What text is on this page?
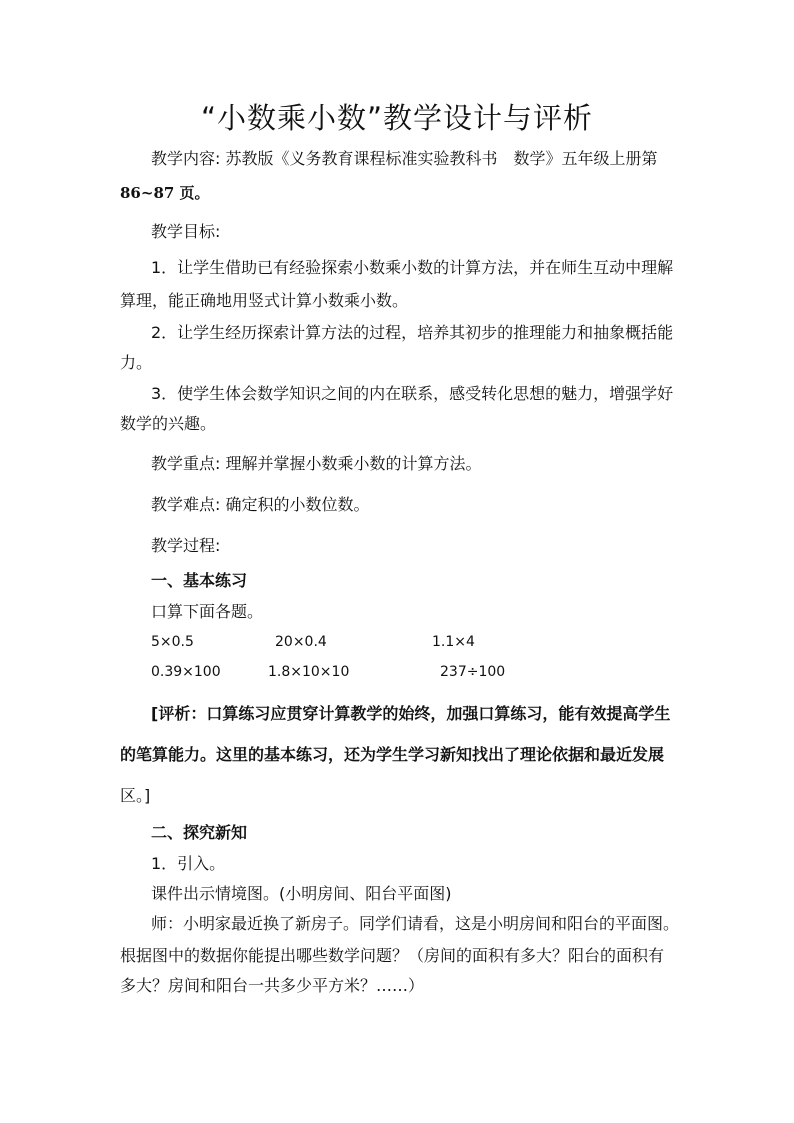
“小数乘小数”教学设计与评析
教学内容: 苏教版《义务教育课程标准实验教科书　数学》五年级上册第
86~87 页。
教学目标:
1．让学生借助已有经验探索小数乘小数的计算方法，并在师生互动中理解
算理，能正确地用竖式计算小数乘小数。
2．让学生经历探索计算方法的过程，培养其初步的推理能力和抽象概括能
力。
3．使学生体会数学知识之间的内在联系，感受转化思想的魅力，增强学好
数学的兴趣。
教学重点: 理解并掌握小数乘小数的计算方法。
教学难点: 确定积的小数位数。
教学过程:
一、基本练习
口算下面各题。
5×0.5	20×0.4	1.1×4
0.39×100	1.8×10×10	237÷100
[评析：口算练习应贯穿计算教学的始终，加强口算练习，能有效提高学生
的笔算能力。这里的基本练习，还为学生学习新知找出了理论依据和最近发展
区。]
二、探究新知
1．引入。
课件出示情境图。(小明房间、阳台平面图)
师：小明家最近换了新房子。同学们请看，这是小明房间和阳台的平面图。
根据图中的数据你能提出哪些数学问题？（房间的面积有多大？阳台的面积有
多大？房间和阳台一共多少平方米？……）
